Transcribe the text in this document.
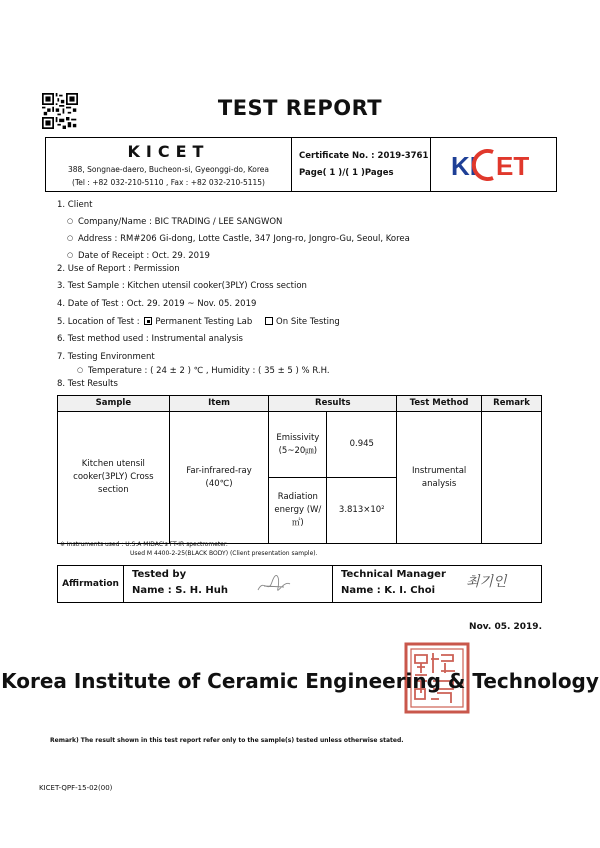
TEST REPORT
KICET
388, Songnae-daero, Bucheon-si, Gyeonggi-do, Korea
(Tel : +82 032-210-5110 , Fax : +82 032-210-5115)
Certificate No. : 2019-3761
Page( 1 )/( 1 )Pages KI ET
1. Client
○ Company/Name : BIC TRADING / LEE SANGWON
○ Address : RM#206 Gi-dong, Lotte Castle, 347 Jong-ro, Jongro-Gu, Seoul, Korea
○ Date of Receipt : Oct. 29. 2019
2. Use of Report : Permission
3. Test Sample : Kitchen utensil cooker(3PLY) Cross section
4. Date of Test : Oct. 29. 2019 ~ Nov. 05. 2019
5. Location of Test : Permanent Testing Lab	On Site Testing
6. Test method used : Instrumental analysis
7. Testing Environment
○ Temperature : ( 24 ± 2 ) ℃ , Humidity : ( 35 ± 5 ) % R.H.
8. Test Results
Sample	Item	Results		Test Method	Remark
Kitchen utensil cooker(3PLY) Cross section	Far-infrared-ray (40℃)	Emissivity (5~20㎛)	0.945	Instrumental analysis	
		Radiation energy (W/㎡)	3.813×10²		
※ Instruments used : U.S.A MIDAC's FT-IR spectrometer.
Used M 4400-2-25(BLACK BODY) (Client presentation sample).
Affirmation
Tested by
Name : S. H. Huh
Technical Manager
Name : K. I. Choi
최기인
Nov. 05. 2019.
Korea Institute of Ceramic Engineering & Technology
Remark) The result shown in this test report refer only to the sample(s) tested unless otherwise stated.
KICET-QPF-15-02(00)
